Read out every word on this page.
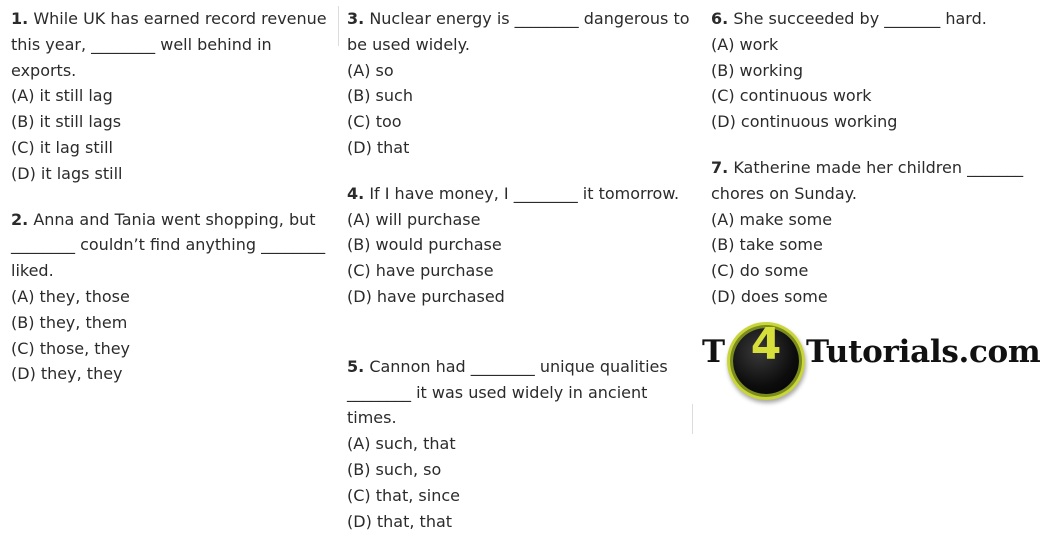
1. While UK has earned record revenue this year, ________ well behind in exports.

(A) it still lag
(B) it still lags
(C) it lag still
(D) it lags still

2. Anna and Tania went shopping, but ________ couldn’t find anything ________ liked.

(A) they, those
(B) they, them
(C) those, they
(D) they, they

3. Nuclear energy is ________ dangerous to be used widely.

(A) so
(B) such
(C) too
(D) that

4. If I have money, I ________ it tomorrow.

(A) will purchase
(B) would purchase
(C) have purchase
(D) have purchased

5. Cannon had ________ unique qualities ________ it was used widely in ancient times.

(A) such, that
(B) such, so
(C) that, since
(D) that, that

6. She succeeded by _______ hard.

(A) work
(B) working
(C) continuous work
(D) continuous working

7. Katherine made her children _______ chores on Sunday.

(A) make some
(B) take some
(C) do some
(D) does some
T 4 Tutorials.com
